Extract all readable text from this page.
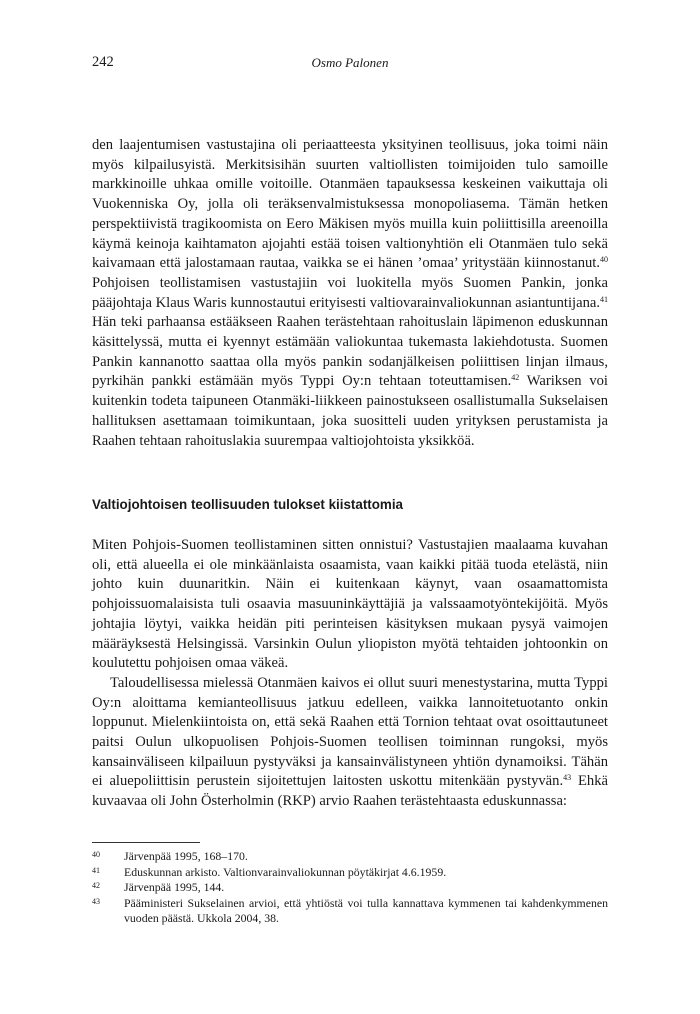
242	Osmo Palonen

den laajentumisen vastustajina oli periaatteesta yksityinen teollisuus, joka toimi näin myös kilpailusyistä. Merkitsisihän suurten valtiollisten toimijoiden tulo samoille markkinoille uhkaa omille voitoille. Otanmäen tapauksessa keskeinen vaikuttaja oli Vuokenniska Oy, jolla oli teräksenvalmistuksessa monopoliasema. Tämän hetken perspektiivistä tragikoomista on Eero Mäkisen myös muilla kuin poliittisilla areenoilla käymä keinoja kaihtamaton ajojahti estää toisen valtionyhtiön eli Otanmäen tulo sekä kaivamaan että jalostamaan rautaa, vaikka se ei hänen ’omaa’ yritystään kiinnostanut.$^{40}$ Pohjoisen teollistamisen vastustajiin voi luokitella myös Suomen Pankin, jonka pääjohtaja Klaus Waris kunnostautui erityisesti valtiovarainvaliokunnan asiantuntijana.$^{41}$ Hän teki parhaansa estääkseen Raahen terästehtaan rahoituslain läpimenon eduskunnan käsittelyssä, mutta ei kyennyt estämään valiokuntaa tukemasta lakiehdotusta. Suomen Pankin kannanotto saattaa olla myös pankin sodanjälkeisen poliittisen linjan ilmaus, pyrkihän pankki estämään myös Typpi Oy:n tehtaan toteuttamisen.$^{42}$ Wariksen voi kuitenkin todeta taipuneen Otanmäki-liikkeen painostukseen osallistumalla Sukselaisen hallituksen asettamaan toimikuntaan, joka suositteli uuden yrityksen perustamista ja Raahen tehtaan rahoituslakia suurempaa valtiojohtoista yksikköä.

Valtiojohtoisen teollisuuden tulokset kiistattomia

Miten Pohjois-Suomen teollistaminen sitten onnistui? Vastustajien maalaama kuvahan oli, että alueella ei ole minkäänlaista osaamista, vaan kaikki pitää tuoda etelästä, niin johto kuin duunaritkin. Näin ei kuitenkaan käynyt, vaan osaamattomista pohjoissuomalaisista tuli osaavia masuuninkäyttäjiä ja valssaamotyöntekijöitä. Myös johtajia löytyi, vaikka heidän piti perinteisen käsityksen mukaan pysyä vaimojen määräyksestä Helsingissä. Varsinkin Oulun yliopiston myötä tehtaiden johtoonkin on koulutettu pohjoisen omaa väkeä.

Taloudellisessa mielessä Otanmäen kaivos ei ollut suuri menestystarina, mutta Typpi Oy:n aloittama kemianteollisuus jatkuu edelleen, vaikka lannoitetuotanto onkin loppunut. Mielenkiintoista on, että sekä Raahen että Tornion tehtaat ovat osoittautuneet paitsi Oulun ulkopuolisen Pohjois-Suomen teollisen toiminnan rungoksi, myös kansainväliseen kilpailuun pystyväksi ja kansainvälistyneen yhtiön dynamoiksi. Tähän ei aluepoliittisin perustein sijoitettujen laitosten uskottu mitenkään pystyvän.$^{43}$ Ehkä kuvaavaa oli John Österholmin (RKP) arvio Raahen terästehtaasta eduskunnassa:

40 Järvenpää 1995, 168–170.
41 Eduskunnan arkisto. Valtionvarainvaliokunnan pöytäkirjat 4.6.1959.
42 Järvenpää 1995, 144.
43 Pääministeri Sukselainen arvioi, että yhtiöstä voi tulla kannattava kymmenen tai kahdenkymmenen vuoden päästä. Ukkola 2004, 38.
